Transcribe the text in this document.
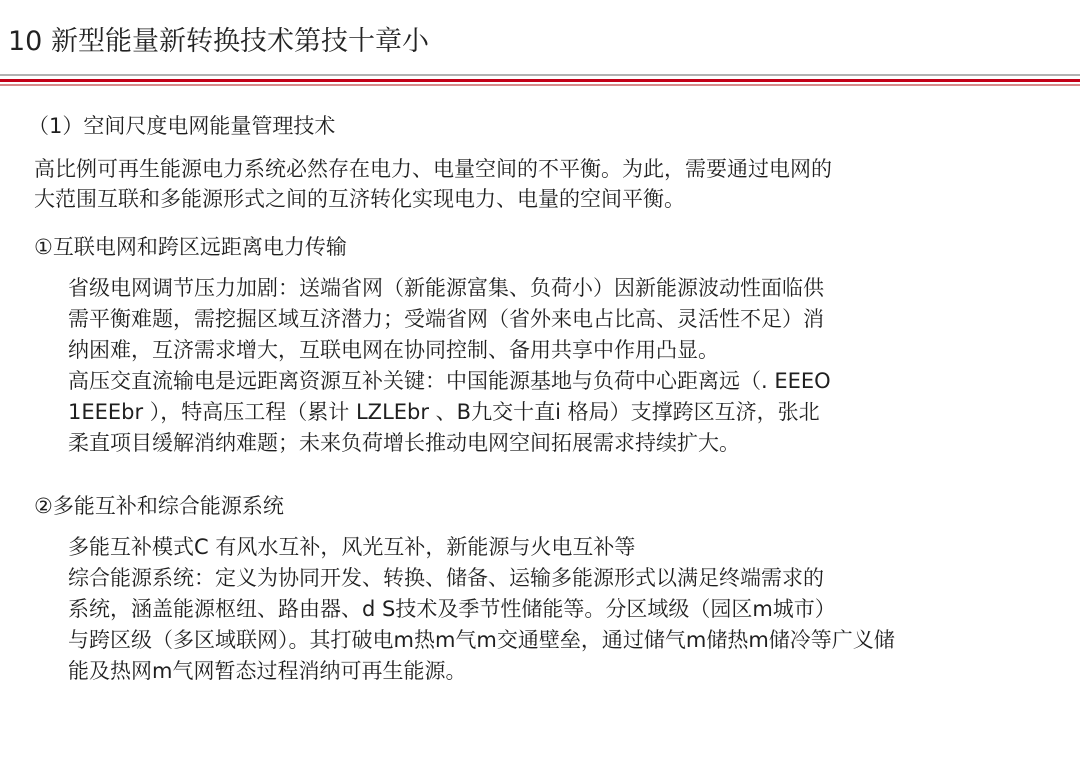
10 新型能量新转换技术第技十章小
（1）空间尺度电网能量管理技术
高比例可再生能源电力系统必然存在电力、电量空间的不平衡。为此，需要通过电网的
大范围互联和多能源形式之间的互济转化实现电力、电量的空间平衡。
①互联电网和跨区远距离电力传输
省级电网调节压力加剧：送端省网（新能源富集、负荷小）因新能源波动性面临供
需平衡难题，需挖掘区域互济潜力；受端省网（省外来电占比高、灵活性不足）消
纳困难，互济需求增大，互联电网在协同控制、备用共享中作用凸显。
高压交直流输电是远距离资源互补关键：中国能源基地与负荷中心距离远（. EEEO
1EEEbr ），特高压工程（累计 LZLEbr 、B九交十直i 格局）支撑跨区互济，张北
柔直项目缓解消纳难题；未来负荷增长推动电网空间拓展需求持续扩大。
②多能互补和综合能源系统
多能互补模式C 有风水互补，风光互补，新能源与火电互补等
综合能源系统：定义为协同开发、转换、储备、运输多能源形式以满足终端需求的
系统，涵盖能源枢纽、路由器、d S技术及季节性储能等。分区域级（园区m城市）
与跨区级（多区域联网）。其打破电m热m气m交通壁垒，通过储气m储热m储冷等广义储
能及热网m气网暂态过程消纳可再生能源。
